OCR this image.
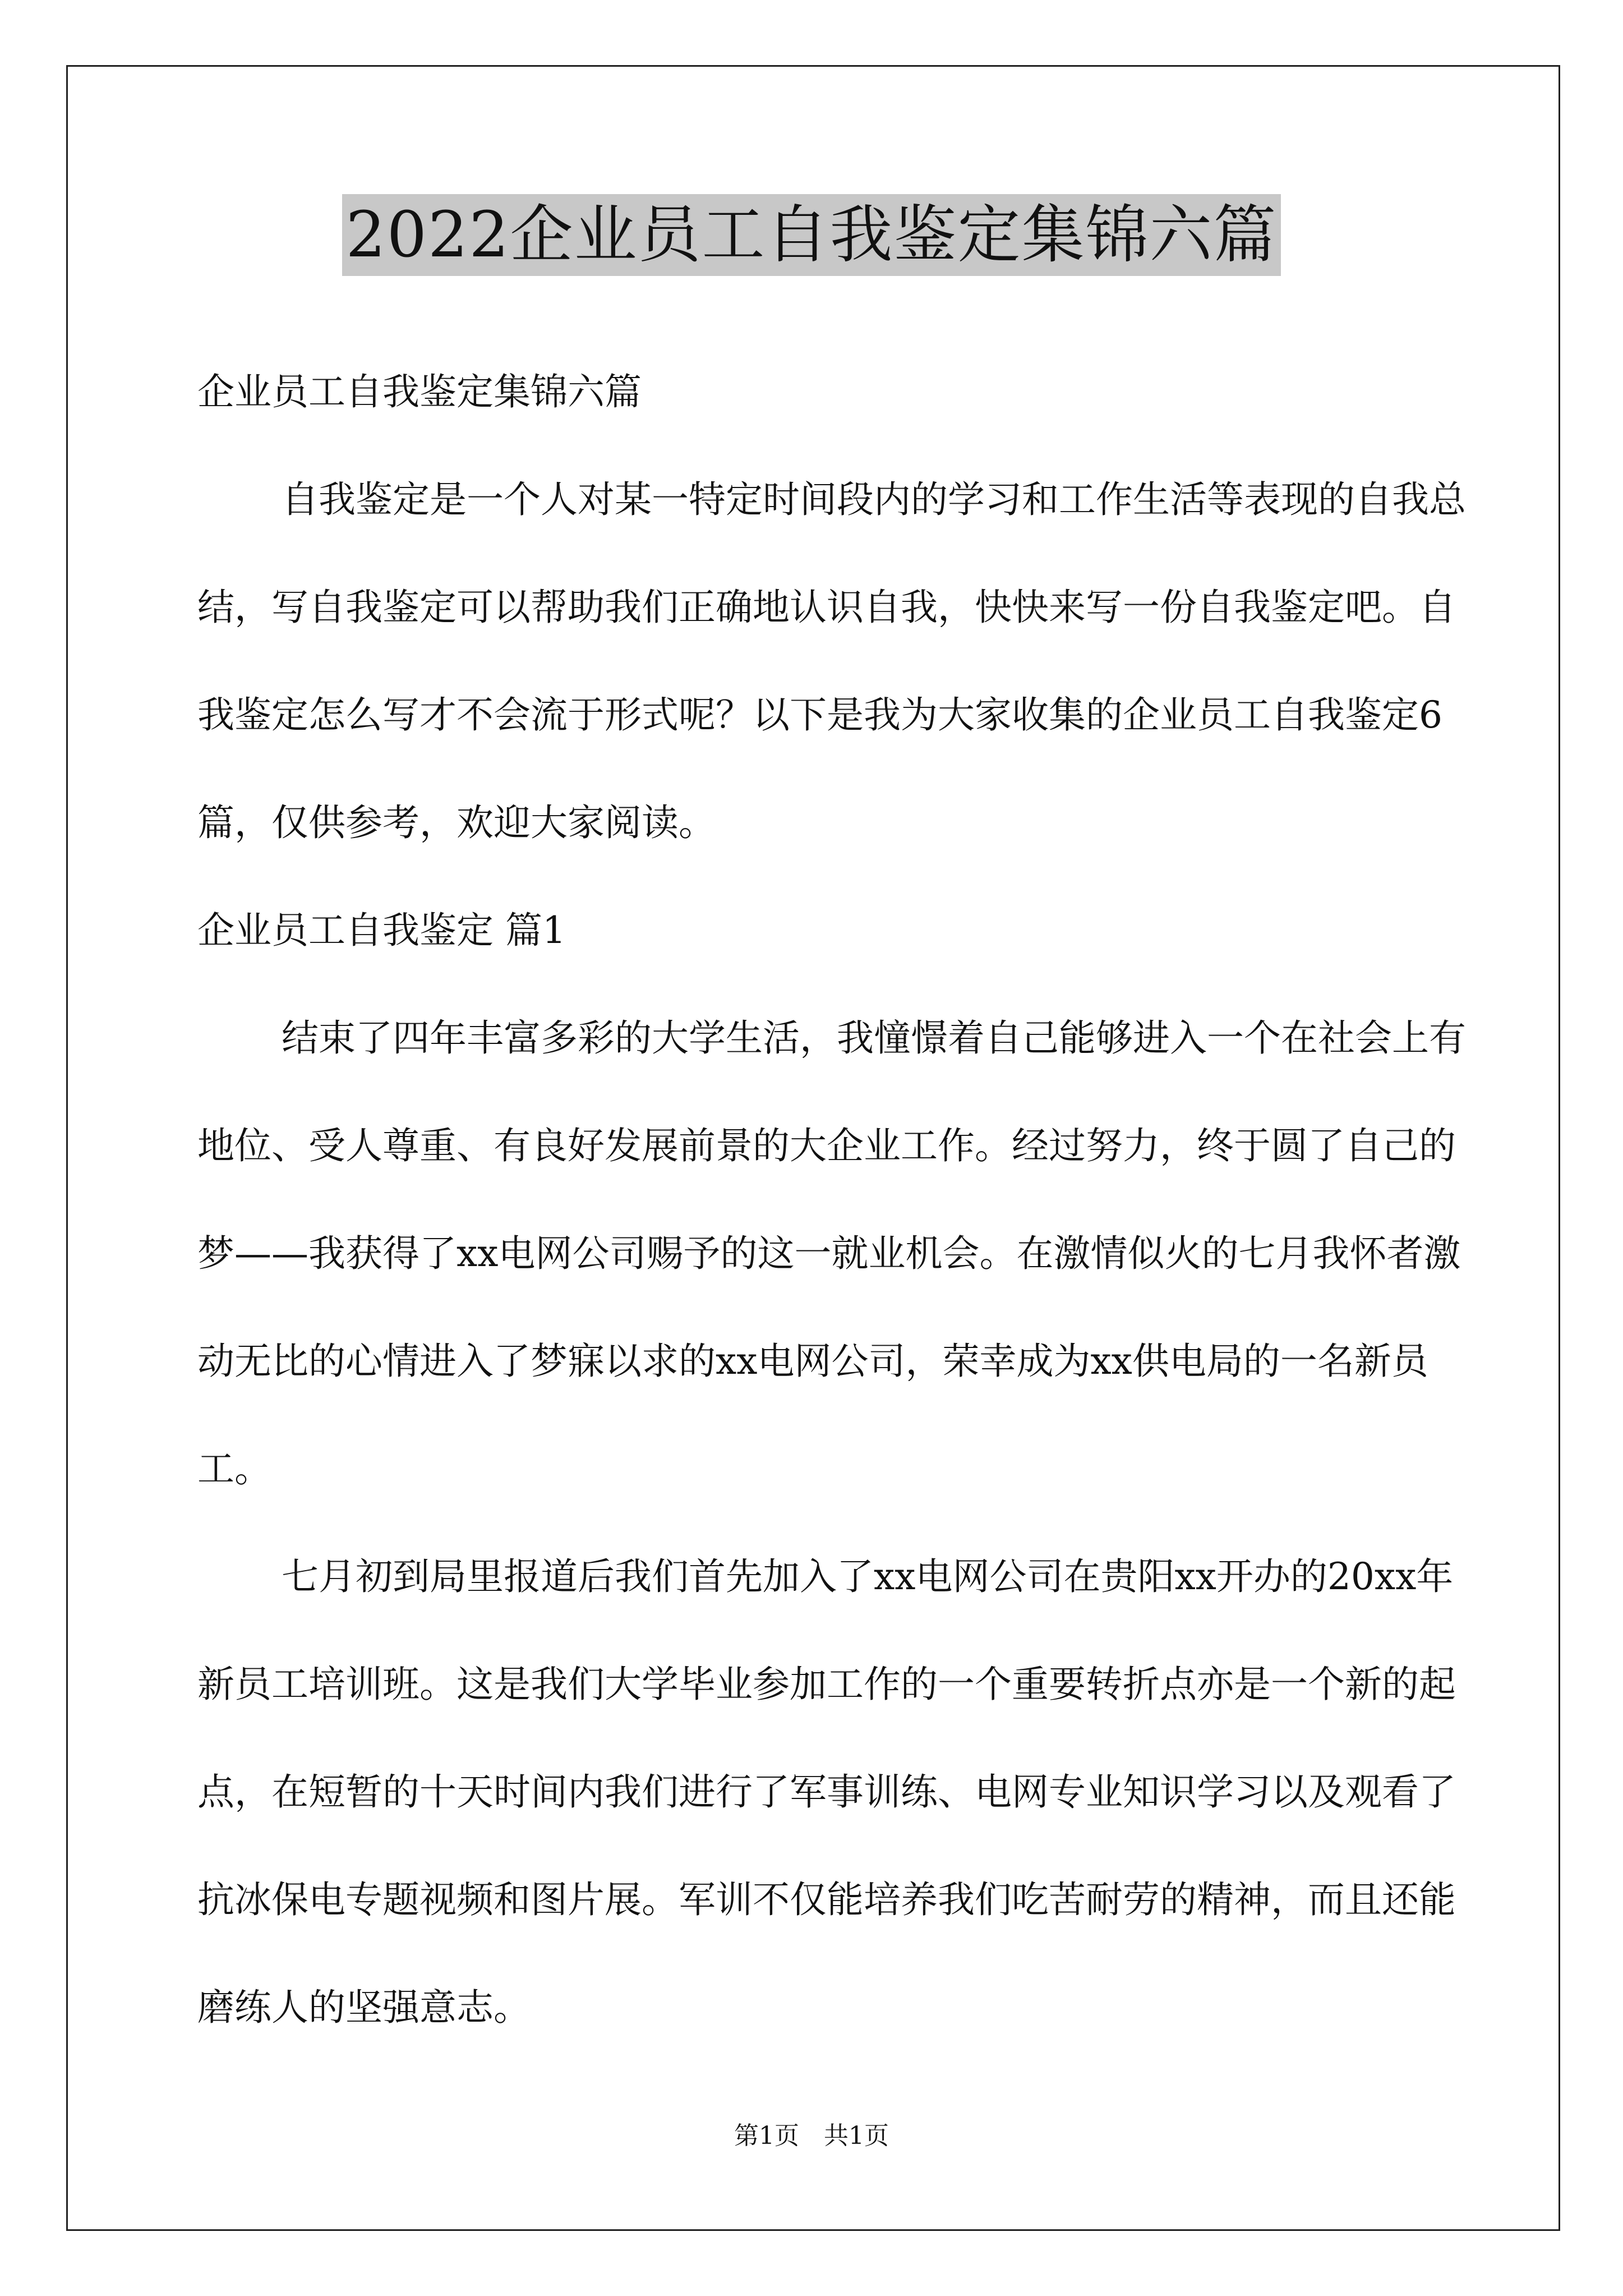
2022企业员工自我鉴定集锦六篇

企业员工自我鉴定集锦六篇

自我鉴定是一个人对某一特定时间段内的学习和工作生活等表现的自我总结，写自我鉴定可以帮助我们正确地认识自我，快快来写一份自我鉴定吧。自我鉴定怎么写才不会流于形式呢？以下是我为大家收集的企业员工自我鉴定6篇，仅供参考，欢迎大家阅读。

企业员工自我鉴定 篇1

结束了四年丰富多彩的大学生活，我憧憬着自己能够进入一个在社会上有地位、受人尊重、有良好发展前景的大企业工作。经过努力，终于圆了自己的梦——我获得了xx电网公司赐予的这一就业机会。在激情似火的七月我怀者激动无比的心情进入了梦寐以求的xx电网公司，荣幸成为xx供电局的一名新员工。

七月初到局里报道后我们首先加入了xx电网公司在贵阳xx开办的20xx年新员工培训班。这是我们大学毕业参加工作的一个重要转折点亦是一个新的起点，在短暂的十天时间内我们进行了军事训练、电网专业知识学习以及观看了抗冰保电专题视频和图片展。军训不仅能培养我们吃苦耐劳的精神，而且还能磨练人的坚强意志。

第1页 共1页
